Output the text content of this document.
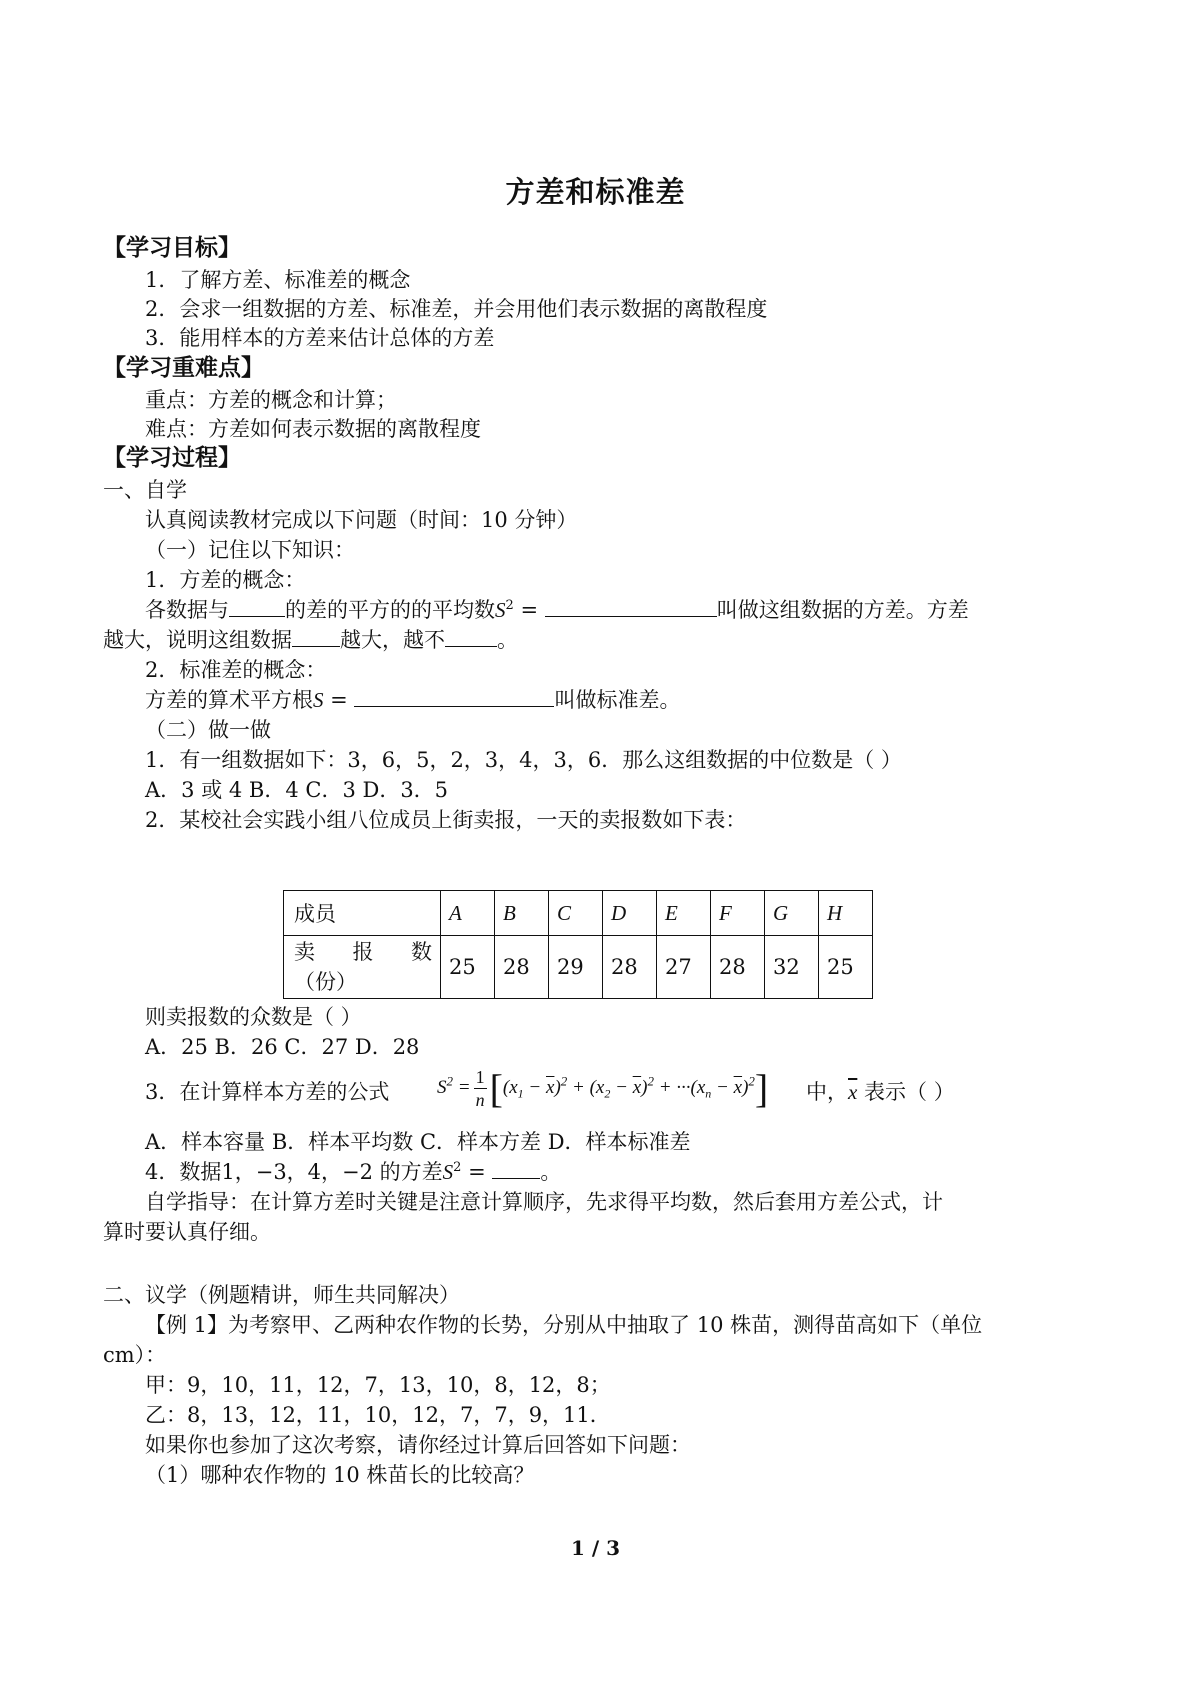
方差和标准差
【学习目标】
1．了解方差、标准差的概念
2．会求一组数据的方差、标准差，并会用他们表示数据的离散程度
3．能用样本的方差来估计总体的方差
【学习重难点】
重点：方差的概念和计算；
难点：方差如何表示数据的离散程度
【学习过程】
一、自学
认真阅读教材完成以下问题（时间：10 分钟）
（一）记住以下知识：
1．方差的概念：
各数据与	的差的平方的的平均数$S^2$ =	叫做这组数据的方差。方差
越大，说明这组数据 越大，越不 。
2．标准差的概念：
方差的算术平方根S =	叫做标准差。
（二）做一做
1．有一组数据如下：3，6，5，2，3，4，3，6．那么这组数据的中位数是（ ）
A．3 或 4 B．4 C．3 D．3．5
2．某校社会实践小组八位成员上街卖报，一天的卖报数如下表：
成员	A	B	C	D	E	F	G	H

卖 报 数
（份）	25	28	29	28	27	28	32	25
则卖报数的众数是（ ）
A．25 B．26 C．27 D．28
3．在计算样本方差的公式	$S^2 = \frac{1}{n} [(x_1 - \overline{x})^2 + (x_2 - \overline{x})^2 + \cdot\cdot\cdot(x_n - \overline{x})^2]$ 中，$\overline{x}$ 表示（ ）
A．样本容量 B．样本平均数 C．样本方差 D．样本标准差
4．数据1，−3，4，−2 的方差$S^2$ = 。
自学指导：在计算方差时关键是注意计算顺序，先求得平均数，然后套用方差公式，计
算时要认真仔细。
二、议学（例题精讲，师生共同解决）
【例 1】为考察甲、乙两种农作物的长势，分别从中抽取了 10 株苗，测得苗高如下（单位
cm）：
甲：9，10，11，12，7，13，10，8，12，8；
乙：8，13，12，11，10，12，7，7，9，11．
如果你也参加了这次考察，请你经过计算后回答如下问题：
（1）哪种农作物的 10 株苗长的比较高？
1 / 3
